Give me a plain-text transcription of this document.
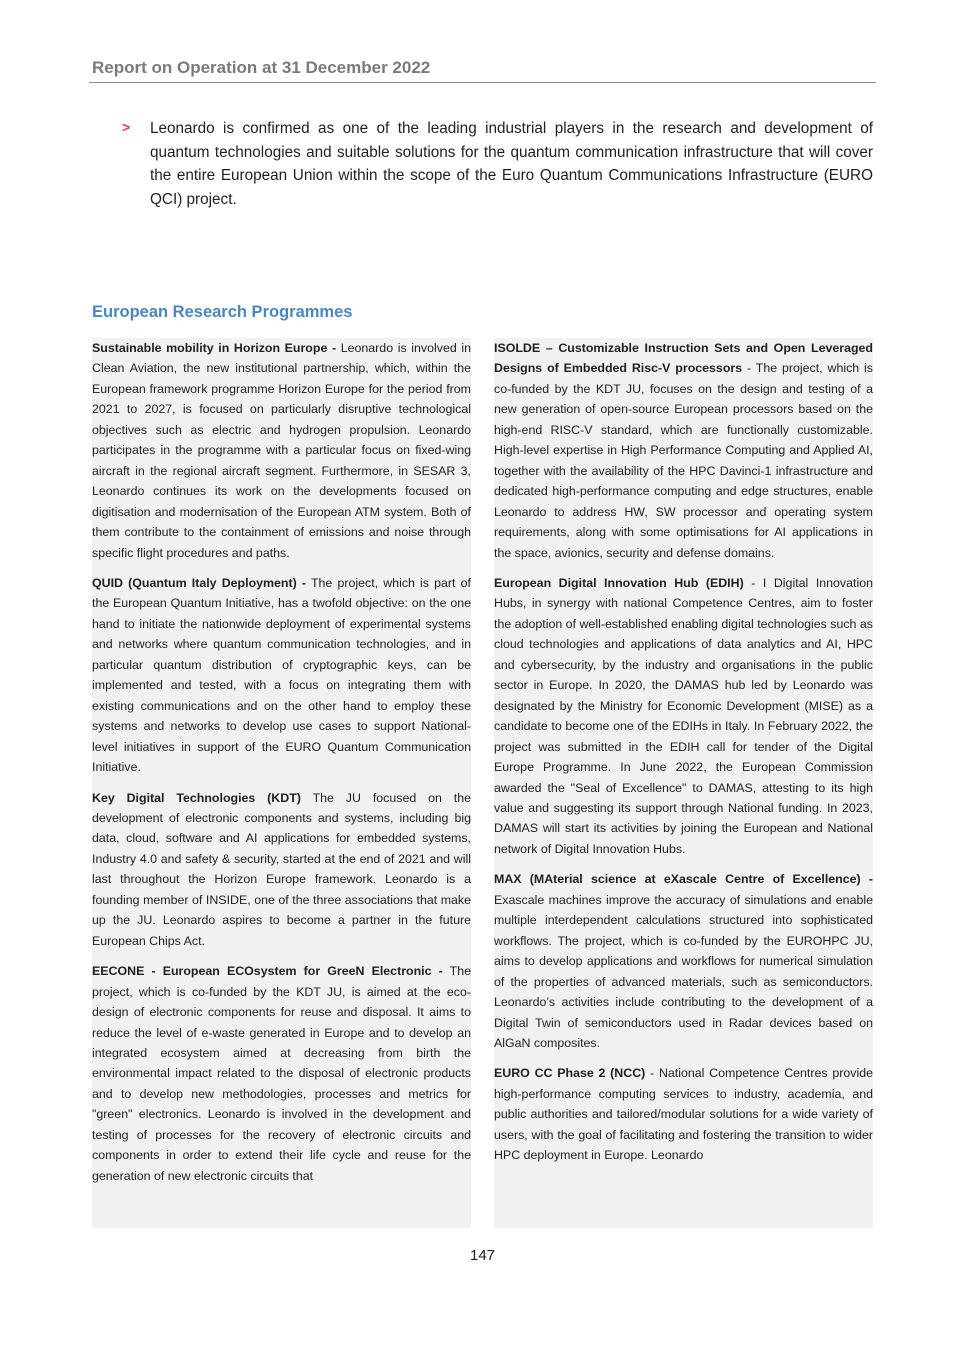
Report on Operation at 31 December 2022
> Leonardo is confirmed as one of the leading industrial players in the research and development of quantum technologies and suitable solutions for the quantum communication infrastructure that will cover the entire European Union within the scope of the Euro Quantum Communications Infrastructure (EURO QCI) project.
European Research Programmes

Sustainable mobility in Horizon Europe - Leonardo is involved in Clean Aviation, the new institutional partnership, which, within the European framework programme Horizon Europe for the period from 2021 to 2027, is focused on particularly disruptive technological objectives such as electric and hydrogen propulsion. Leonardo participates in the programme with a particular focus on fixed-wing aircraft in the regional aircraft segment. Furthermore, in SESAR 3, Leonardo continues its work on the developments focused on digitisation and modernisation of the European ATM system. Both of them contribute to the containment of emissions and noise through specific flight procedures and paths.

QUID (Quantum Italy Deployment) - The project, which is part of the European Quantum Initiative, has a twofold objective: on the one hand to initiate the nationwide deployment of experimental systems and networks where quantum communication technologies, and in particular quantum distribution of cryptographic keys, can be implemented and tested, with a focus on integrating them with existing communications and on the other hand to employ these systems and networks to develop use cases to support National-level initiatives in support of the EURO Quantum Communication Initiative.

Key Digital Technologies (KDT) The JU focused on the development of electronic components and systems, including big data, cloud, software and AI applications for embedded systems, Industry 4.0 and safety & security, started at the end of 2021 and will last throughout the Horizon Europe framework. Leonardo is a founding member of INSIDE, one of the three associations that make up the JU. Leonardo aspires to become a partner in the future European Chips Act.

EECONE - European ECOsystem for GreeN Electronic - The project, which is co-funded by the KDT JU, is aimed at the eco-design of electronic components for reuse and disposal. It aims to reduce the level of e-waste generated in Europe and to develop an integrated ecosystem aimed at decreasing from birth the environmental impact related to the disposal of electronic products and to develop new methodologies, processes and metrics for "green" electronics. Leonardo is involved in the development and testing of processes for the recovery of electronic circuits and components in order to extend their life cycle and reuse for the generation of new electronic circuits that

ISOLDE – Customizable Instruction Sets and Open Leveraged Designs of Embedded Risc-V processors - The project, which is co-funded by the KDT JU, focuses on the design and testing of a new generation of open-source European processors based on the high-end RISC-V standard, which are functionally customizable. High-level expertise in High Performance Computing and Applied AI, together with the availability of the HPC Davinci-1 infrastructure and dedicated high-performance computing and edge structures, enable Leonardo to address HW, SW processor and operating system requirements, along with some optimisations for AI applications in the space, avionics, security and defense domains.

European Digital Innovation Hub (EDIH) - I Digital Innovation Hubs, in synergy with national Competence Centres, aim to foster the adoption of well-established enabling digital technologies such as cloud technologies and applications of data analytics and AI, HPC and cybersecurity, by the industry and organisations in the public sector in Europe. In 2020, the DAMAS hub led by Leonardo was designated by the Ministry for Economic Development (MISE) as a candidate to become one of the EDIHs in Italy. In February 2022, the project was submitted in the EDIH call for tender of the Digital Europe Programme. In June 2022, the European Commission awarded the "Seal of Excellence" to DAMAS, attesting to its high value and suggesting its support through National funding. In 2023, DAMAS will start its activities by joining the European and National network of Digital Innovation Hubs.

MAX (MAterial science at eXascale Centre of Excellence) - Exascale machines improve the accuracy of simulations and enable multiple interdependent calculations structured into sophisticated workflows. The project, which is co-funded by the EUROHPC JU, aims to develop applications and workflows for numerical simulation of the properties of advanced materials, such as semiconductors. Leonardo’s activities include contributing to the development of a Digital Twin of semiconductors used in Radar devices based on AlGaN composites.

EURO CC Phase 2 (NCC) - National Competence Centres provide high-performance computing services to industry, academia, and public authorities and tailored/modular solutions for a wide variety of users, with the goal of facilitating and fostering the transition to wider HPC deployment in Europe. Leonardo

147
